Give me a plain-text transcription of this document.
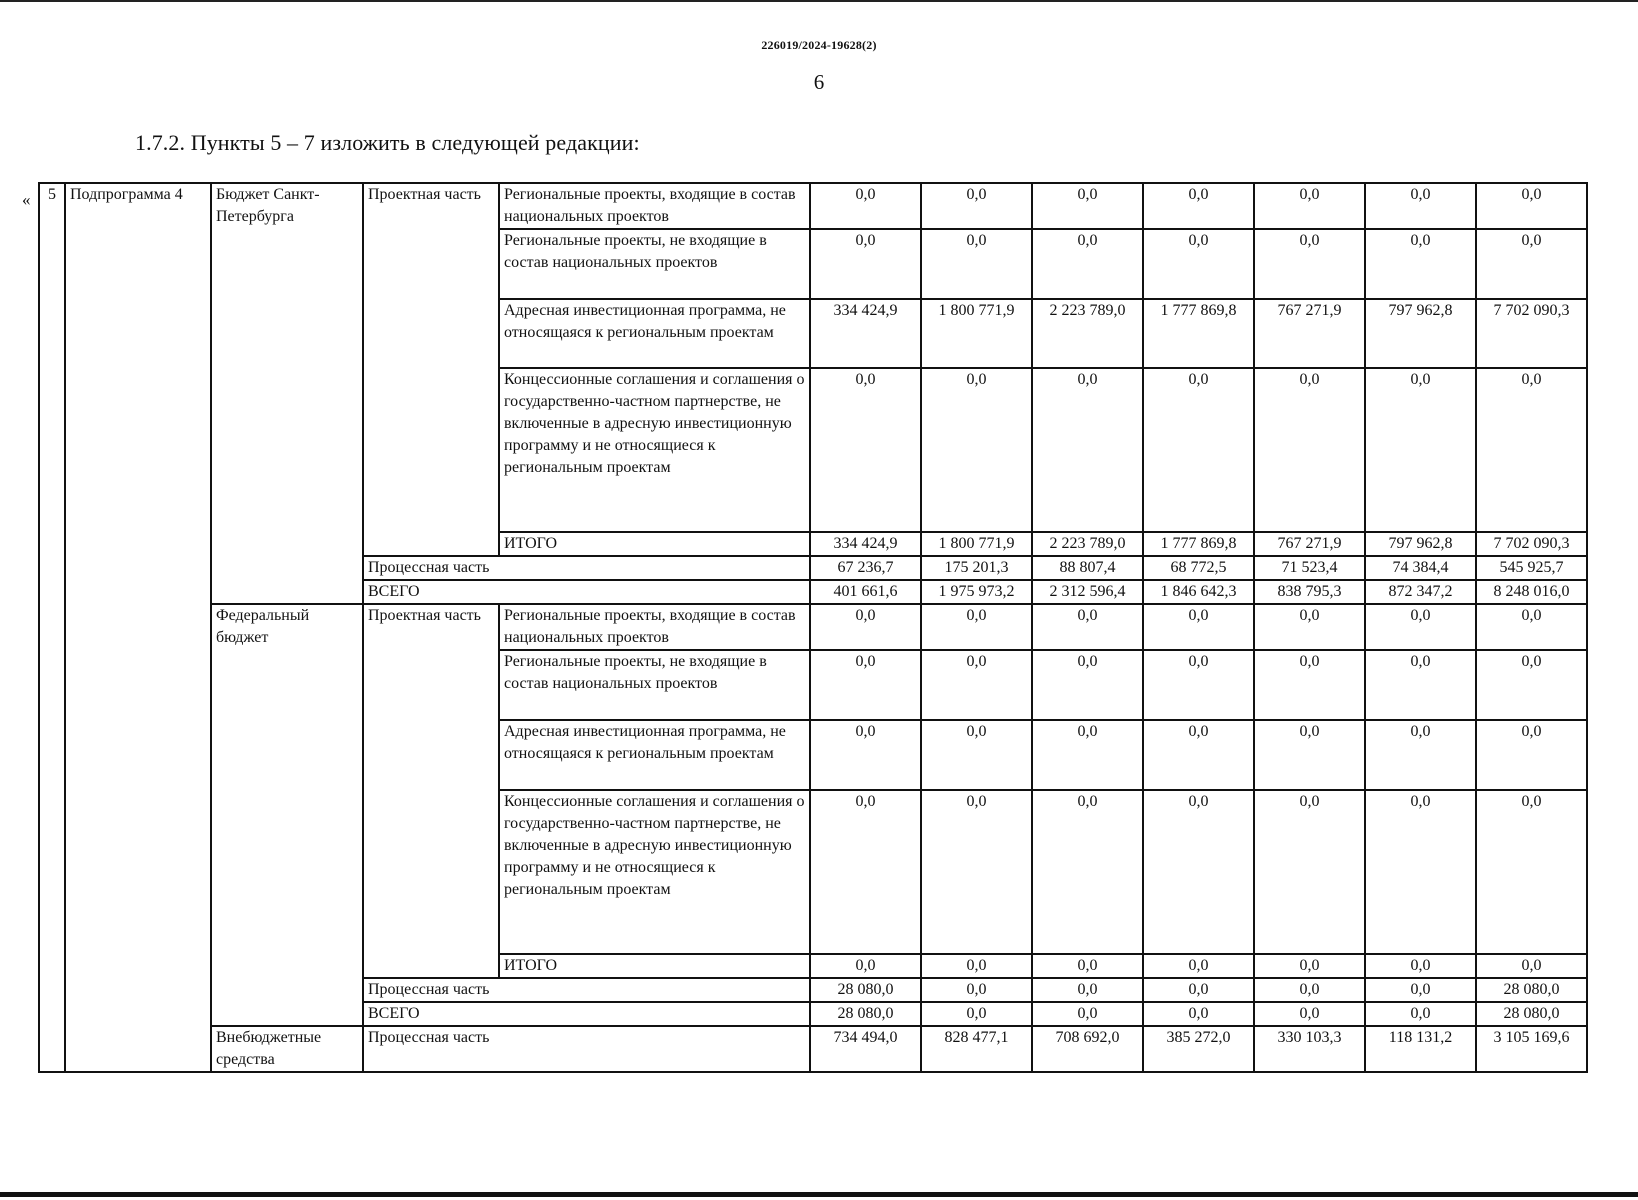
226019/2024-19628(2)
6
1.7.2. Пункты 5 – 7 изложить в следующей редакции:
« 5	Подпрограмма 4	Бюджет Санкт-Петербурга	Проектная часть	Региональные проекты, входящие в состав национальных проектов	0,0	0,0	0,0	0,0	0,0	0,0	0,0
				Региональные проекты, не входящие в состав национальных проектов	0,0	0,0	0,0	0,0	0,0	0,0	0,0
				Адресная инвестиционная программа, не относящаяся к региональным проектам	334 424,9	1 800 771,9	2 223 789,0	1 777 869,8	767 271,9	797 962,8	7 702 090,3
				Концессионные соглашения и соглашения о государственно-частном партнерстве, не включенные в адресную инвестиционную программу и не относящиеся к региональным проектам	0,0	0,0	0,0	0,0	0,0	0,0	0,0
				ИТОГО	334 424,9	1 800 771,9	2 223 789,0	1 777 869,8	767 271,9	797 962,8	7 702 090,3
			Процессная часть		67 236,7	175 201,3	88 807,4	68 772,5	71 523,4	74 384,4	545 925,7
			ВСЕГО		401 661,6	1 975 973,2	2 312 596,4	1 846 642,3	838 795,3	872 347,2	8 248 016,0
		Федеральный бюджет	Проектная часть	Региональные проекты, входящие в состав национальных проектов	0,0	0,0	0,0	0,0	0,0	0,0	0,0
				Региональные проекты, не входящие в состав национальных проектов	0,0	0,0	0,0	0,0	0,0	0,0	0,0
				Адресная инвестиционная программа, не относящаяся к региональным проектам	0,0	0,0	0,0	0,0	0,0	0,0	0,0
				Концессионные соглашения и соглашения о государственно-частном партнерстве, не включенные в адресную инвестиционную программу и не относящиеся к региональным проектам	0,0	0,0	0,0	0,0	0,0	0,0	0,0
				ИТОГО	0,0	0,0	0,0	0,0	0,0	0,0	0,0
			Процессная часть		28 080,0	0,0	0,0	0,0	0,0	0,0	28 080,0
			ВСЕГО		28 080,0	0,0	0,0	0,0	0,0	0,0	28 080,0
		Внебюджетные средства	Процессная часть		734 494,0	828 477,1	708 692,0	385 272,0	330 103,3	118 131,2	3 105 169,6
